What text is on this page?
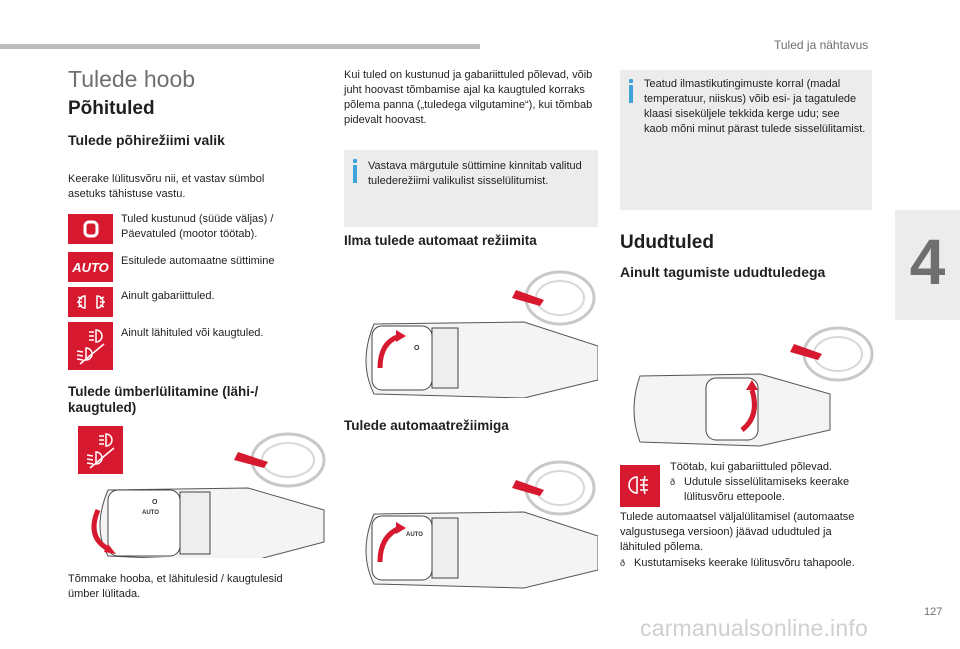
Tuled ja nähtavus
4
127
Tulede hoob
Põhituled
Tulede põhirežiimi valik
Keerake lülitusvõru nii, et vastav sümbol asetuks tähistuse vastu.
Tuled kustunud (süüde väljas) / Päevatuled (mootor töötab).
AUTO Esitulede automaatne süttimine
Ainult gabariittuled.
Ainult lähituled või kaugtuled.
Tulede ümberlülitamine (lähi-/ kaugtuled)
O
AUTO
Tõmmake hooba, et lähitulesid / kaugtulesid ümber lülitada.
Kui tuled on kustunud ja gabariittuled põlevad, võib juht hoovast tõmbamise ajal ka kaugtuled korraks põlema panna („tuledega vilgutamine“), kui tõmbab pidevalt hoovast.
Vastava märgutule süttimine kinnitab valitud tulederežiimi valikulist sisselülitumist.
Ilma tulede automaat režiimita
O
Tulede automaatrežiimiga
AUTO
Teatud ilmastikutingimuste korral (madal temperatuur, niiskus) võib esi- ja tagatulede klaasi siseküljele tekkida kerge udu; see kaob mõni minut pärast tulede sisselülitamist.
Ududtuled
Ainult tagumiste ududtuledega
Töötab, kui gabariittuled põlevad.
ð Udutule sisselülitamiseks keerake lülitusvõru ettepoole.
Tulede automaatsel väljalülitamisel (automaatse valgustusega versioon) jäävad ududtuled ja lähituled põlema.
ð Kustutamiseks keerake lülitusvõru tahapoole.
carmanualsonline.info
